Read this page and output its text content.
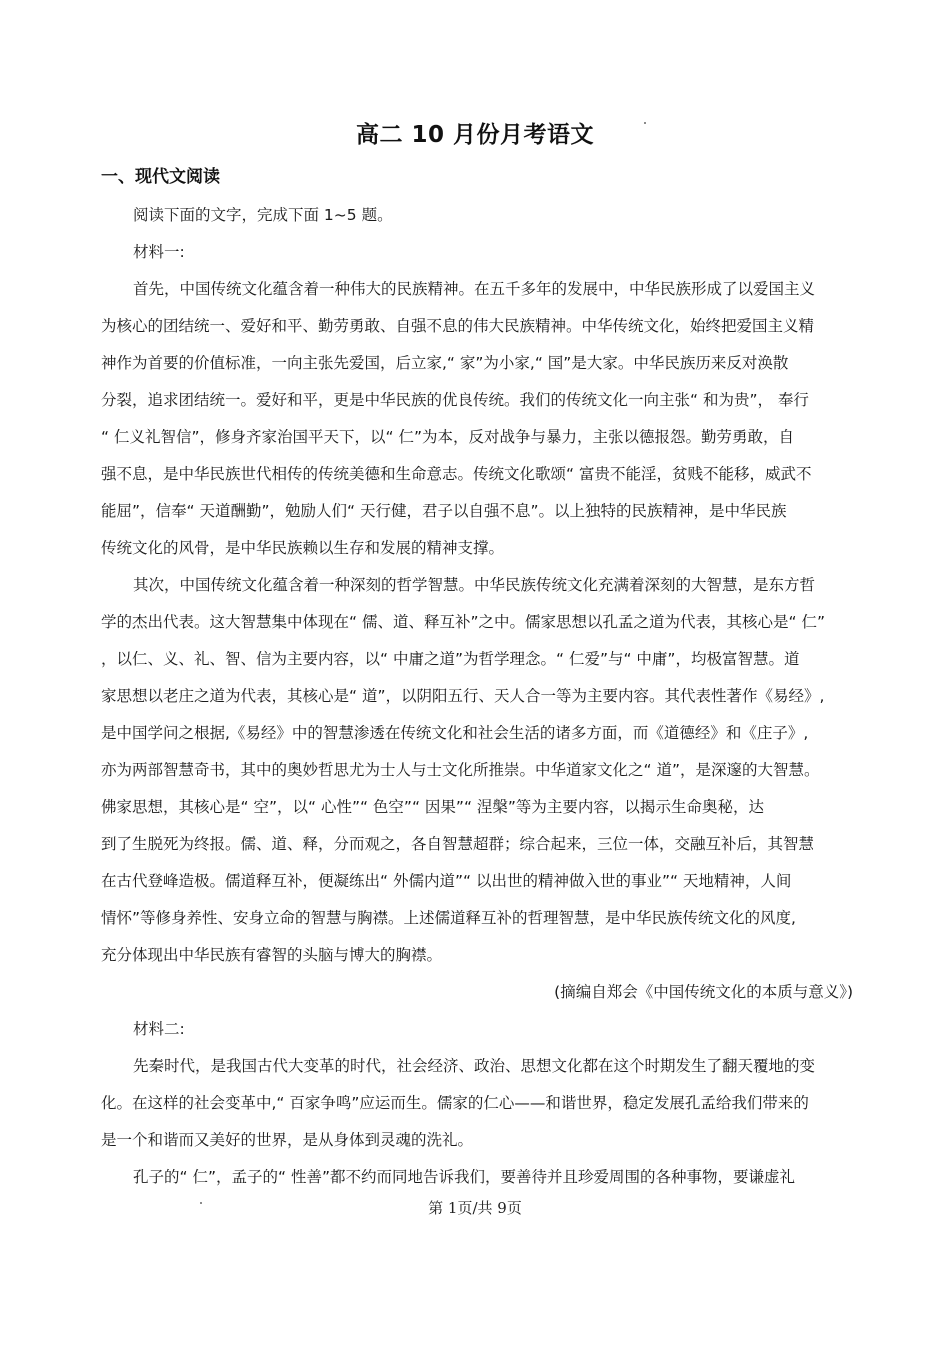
高二 10 月份月考语文
一、现代文阅读
阅读下面的文字，完成下面 1~5 题。
材料一:
首先，中国传统文化蕴含着一种伟大的民族精神。在五千多年的发展中，中华民族形成了以爱国主义
为核心的团结统一、爱好和平、勤劳勇敢、自强不息的伟大民族精神。中华传统文化，始终把爱国主义精
神作为首要的价值标准，一向主张先爱国，后立家,“ 家”为小家,“ 国”是大家。中华民族历来反对涣散
分裂，追求团结统一。爱好和平，更是中华民族的优良传统。我们的传统文化一向主张“ 和为贵”， 奉行
“ 仁义礼智信”，修身齐家治国平天下，以“ 仁”为本，反对战争与暴力，主张以德报怨。勤劳勇敢，自
强不息，是中华民族世代相传的传统美德和生命意志。传统文化歌颂“ 富贵不能淫，贫贱不能移，威武不
能屈”，信奉“ 天道酬勤”，勉励人们“ 天行健，君子以自强不息”。以上独特的民族精神，是中华民族
传统文化的风骨，是中华民族赖以生存和发展的精神支撑。
其次，中国传统文化蕴含着一种深刻的哲学智慧。中华民族传统文化充满着深刻的大智慧，是东方哲
学的杰出代表。这大智慧集中体现在“ 儒、道、释互补”之中。儒家思想以孔孟之道为代表，其核心是“ 仁”
，以仁、义、礼、智、信为主要内容，以“ 中庸之道”为哲学理念。“ 仁爱”与“ 中庸”，均极富智慧。道
家思想以老庄之道为代表，其核心是“ 道”，以阴阳五行、天人合一等为主要内容。其代表性著作《易经》,
是中国学问之根据,《易经》中的智慧渗透在传统文化和社会生活的诸多方面，而《道德经》和《庄子》,
亦为两部智慧奇书，其中的奥妙哲思尤为士人与士文化所推崇。中华道家文化之“ 道”，是深邃的大智慧。
佛家思想，其核心是“ 空”，以“ 心性”“ 色空”“ 因果”“ 涅槃”等为主要内容，以揭示生命奥秘，达
到了生脱死为终报。儒、道、释，分而观之，各自智慧超群；综合起来，三位一体，交融互补后，其智慧
在古代登峰造极。儒道释互补，便凝练出“ 外儒内道”“ 以出世的精神做入世的事业”“ 天地精神，人间
情怀”等修身养性、安身立命的智慧与胸襟。上述儒道释互补的哲理智慧，是中华民族传统文化的风度,
充分体现出中华民族有睿智的头脑与博大的胸襟。
(摘编自郑会《中国传统文化的本质与意义》)
材料二:
先秦时代，是我国古代大变革的时代，社会经济、政治、思想文化都在这个时期发生了翻天覆地的变
化。在这样的社会变革中,“ 百家争鸣”应运而生。儒家的仁心——和谐世界，稳定发展孔孟给我们带来的
是一个和谐而又美好的世界，是从身体到灵魂的洗礼。
孔子的“ 仁”，孟子的“ 性善”都不约而同地告诉我们，要善待并且珍爱周围的各种事物，要谦虚礼
第 1页/共 9页
